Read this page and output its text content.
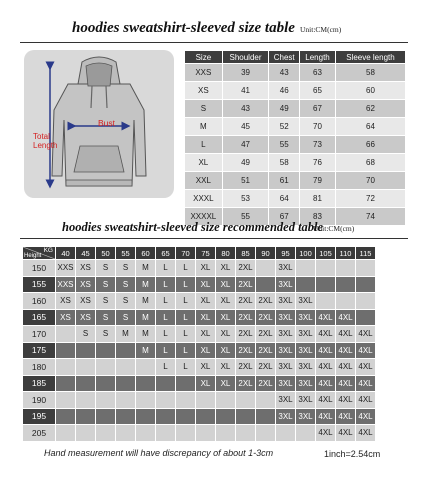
hoodies sweatshirt-sleeved size table Unit:CM(cm)
Bust
Total
Length
Size	Shoulder	Chest	Length	Sleeve length
XXS	39	43	63	58
XS	41	46	65	60
S	43	49	67	62
M	45	52	70	64
L	47	55	73	66
XL	49	58	76	68
XXL	51	61	79	70
XXXL	53	64	81	72
XXXXL	55	67	83	74
hoodies sweatshirt-sleeved size recommended table
Unit:CM(cm)
KG
Height	40	45	50	55	60	65	70	75	80	85	90	95	100	105	110	115
150	XXS	XS	S	S	M	L	L	XL	XL	2XL		3XL				
155	XXS	XS	S	S	M	L	L	XL	XL	2XL		3XL				
160	XS	XS	S	S	M	L	L	XL	XL	2XL	2XL	3XL	3XL			
165	XS	XS	S	S	M	L	L	XL	XL	2XL	2XL	3XL	3XL	4XL	4XL	
170		S	S	M	M	L	L	XL	XL	2XL	2XL	3XL	3XL	4XL	4XL	4XL
175					M	L	L	XL	XL	2XL	2XL	3XL	3XL	4XL	4XL	4XL
180						L	L	XL	XL	2XL	2XL	3XL	3XL	4XL	4XL	4XL
185								XL	XL	2XL	2XL	3XL	3XL	4XL	4XL	4XL
190												3XL	3XL	4XL	4XL	4XL
195												3XL	3XL	4XL	4XL	4XL
205														4XL	4XL	4XL
Hand measurement will have discrepancy of about 1-3cm	1inch=2.54cm
